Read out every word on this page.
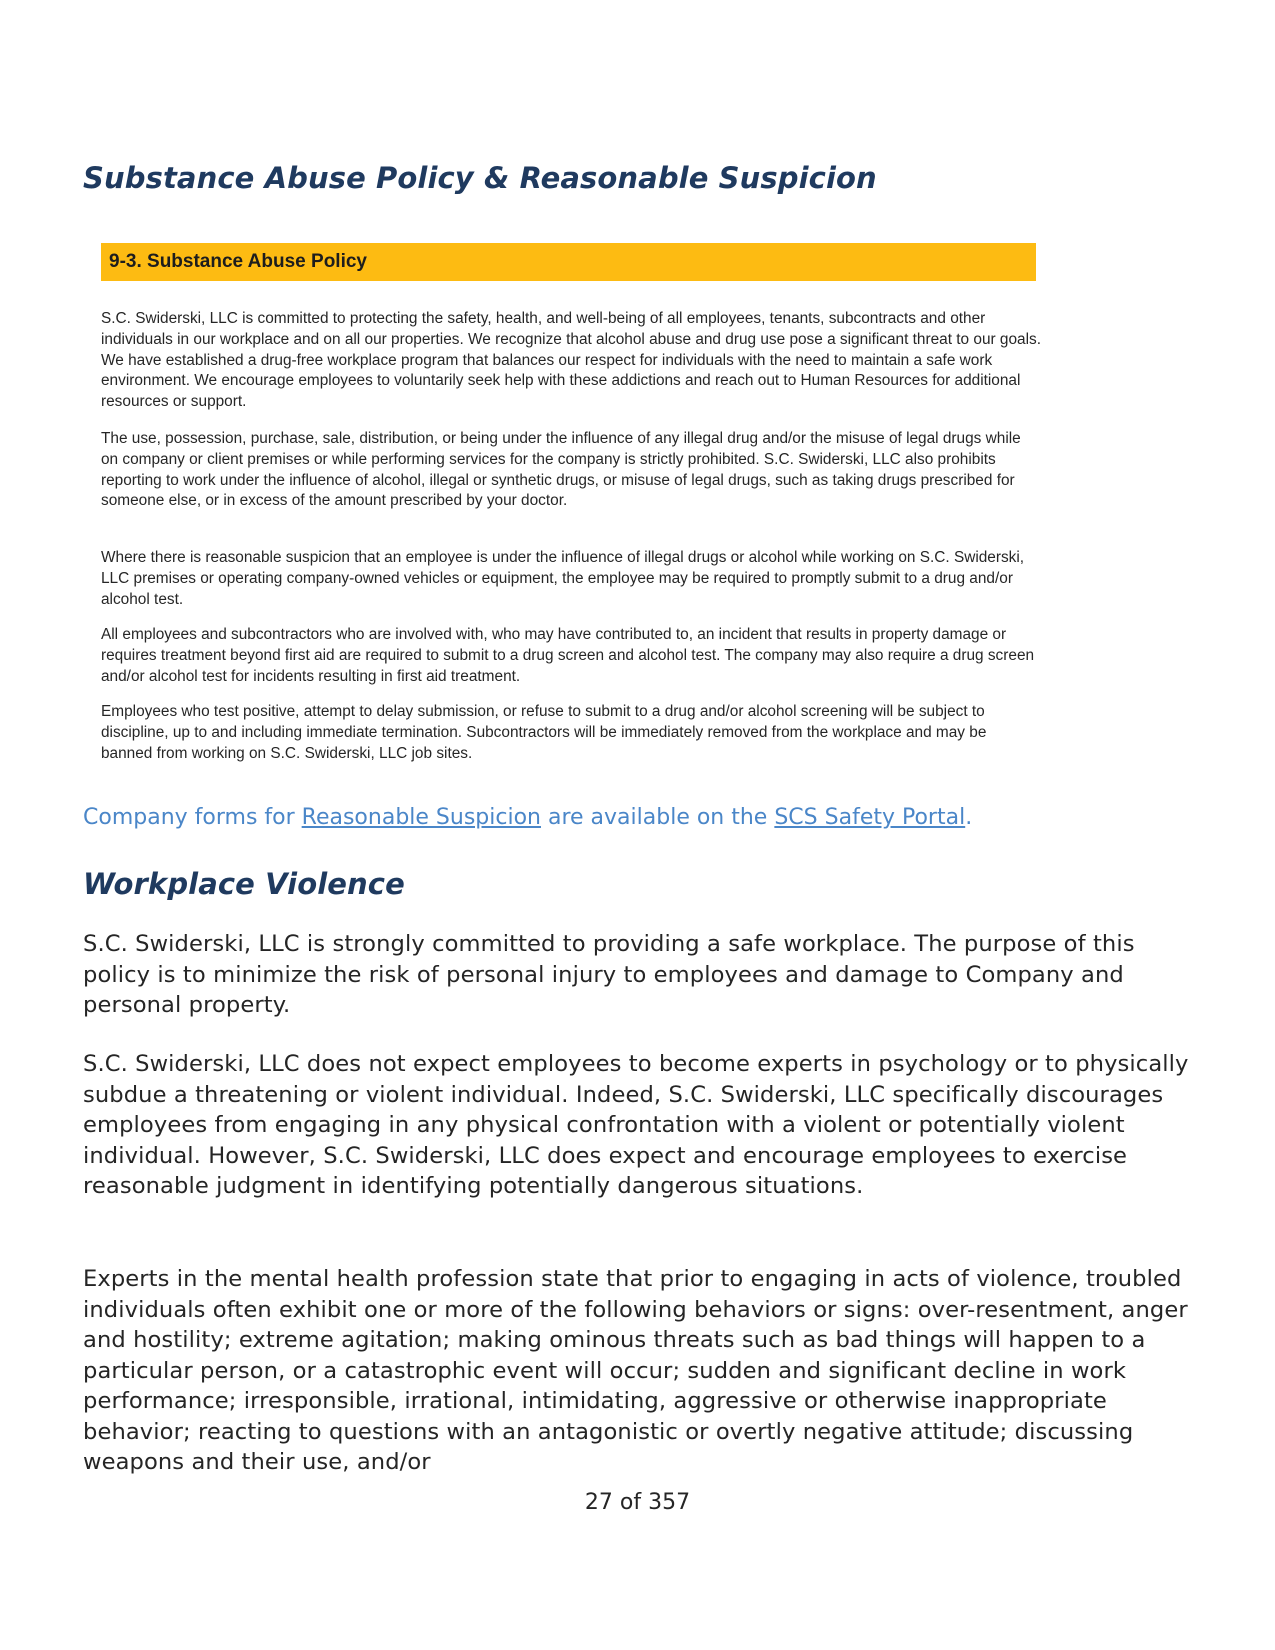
Substance Abuse Policy & Reasonable Suspicion
9-3. Substance Abuse Policy

S.C. Swiderski, LLC is committed to protecting the safety, health, and well-being of all employees, tenants, subcontracts and other individuals in our workplace and on all our properties. We recognize that alcohol abuse and drug use pose a significant threat to our goals. We have established a drug-free workplace program that balances our respect for individuals with the need to maintain a safe work environment. We encourage employees to voluntarily seek help with these addictions and reach out to Human Resources for additional resources or support.

The use, possession, purchase, sale, distribution, or being under the influence of any illegal drug and/or the misuse of legal drugs while on company or client premises or while performing services for the company is strictly prohibited. S.C. Swiderski, LLC also prohibits reporting to work under the influence of alcohol, illegal or synthetic drugs, or misuse of legal drugs, such as taking drugs prescribed for someone else, or in excess of the amount prescribed by your doctor.

Where there is reasonable suspicion that an employee is under the influence of illegal drugs or alcohol while working on S.C. Swiderski, LLC premises or operating company-owned vehicles or equipment, the employee may be required to promptly submit to a drug and/or alcohol test.

All employees and subcontractors who are involved with, who may have contributed to, an incident that results in property damage or requires treatment beyond first aid are required to submit to a drug screen and alcohol test. The company may also require a drug screen and/or alcohol test for incidents resulting in first aid treatment.

Employees who test positive, attempt to delay submission, or refuse to submit to a drug and/or alcohol screening will be subject to discipline, up to and including immediate termination. Subcontractors will be immediately removed from the workplace and may be banned from working on S.C. Swiderski, LLC job sites.

Company forms for Reasonable Suspicion are available on the SCS Safety Portal.

Workplace Violence

S.C. Swiderski, LLC is strongly committed to providing a safe workplace. The purpose of this policy is to minimize the risk of personal injury to employees and damage to Company and personal property.

S.C. Swiderski, LLC does not expect employees to become experts in psychology or to physically subdue a threatening or violent individual. Indeed, S.C. Swiderski, LLC specifically discourages employees from engaging in any physical confrontation with a violent or potentially violent individual. However, S.C. Swiderski, LLC does expect and encourage employees to exercise reasonable judgment in identifying potentially dangerous situations.

Experts in the mental health profession state that prior to engaging in acts of violence, troubled individuals often exhibit one or more of the following behaviors or signs: over-resentment, anger and hostility; extreme agitation; making ominous threats such as bad things will happen to a particular person, or a catastrophic event will occur; sudden and significant decline in work performance; irresponsible, irrational, intimidating, aggressive or otherwise inappropriate behavior; reacting to questions with an antagonistic or overtly negative attitude; discussing weapons and their use, and/or

27 of 357
